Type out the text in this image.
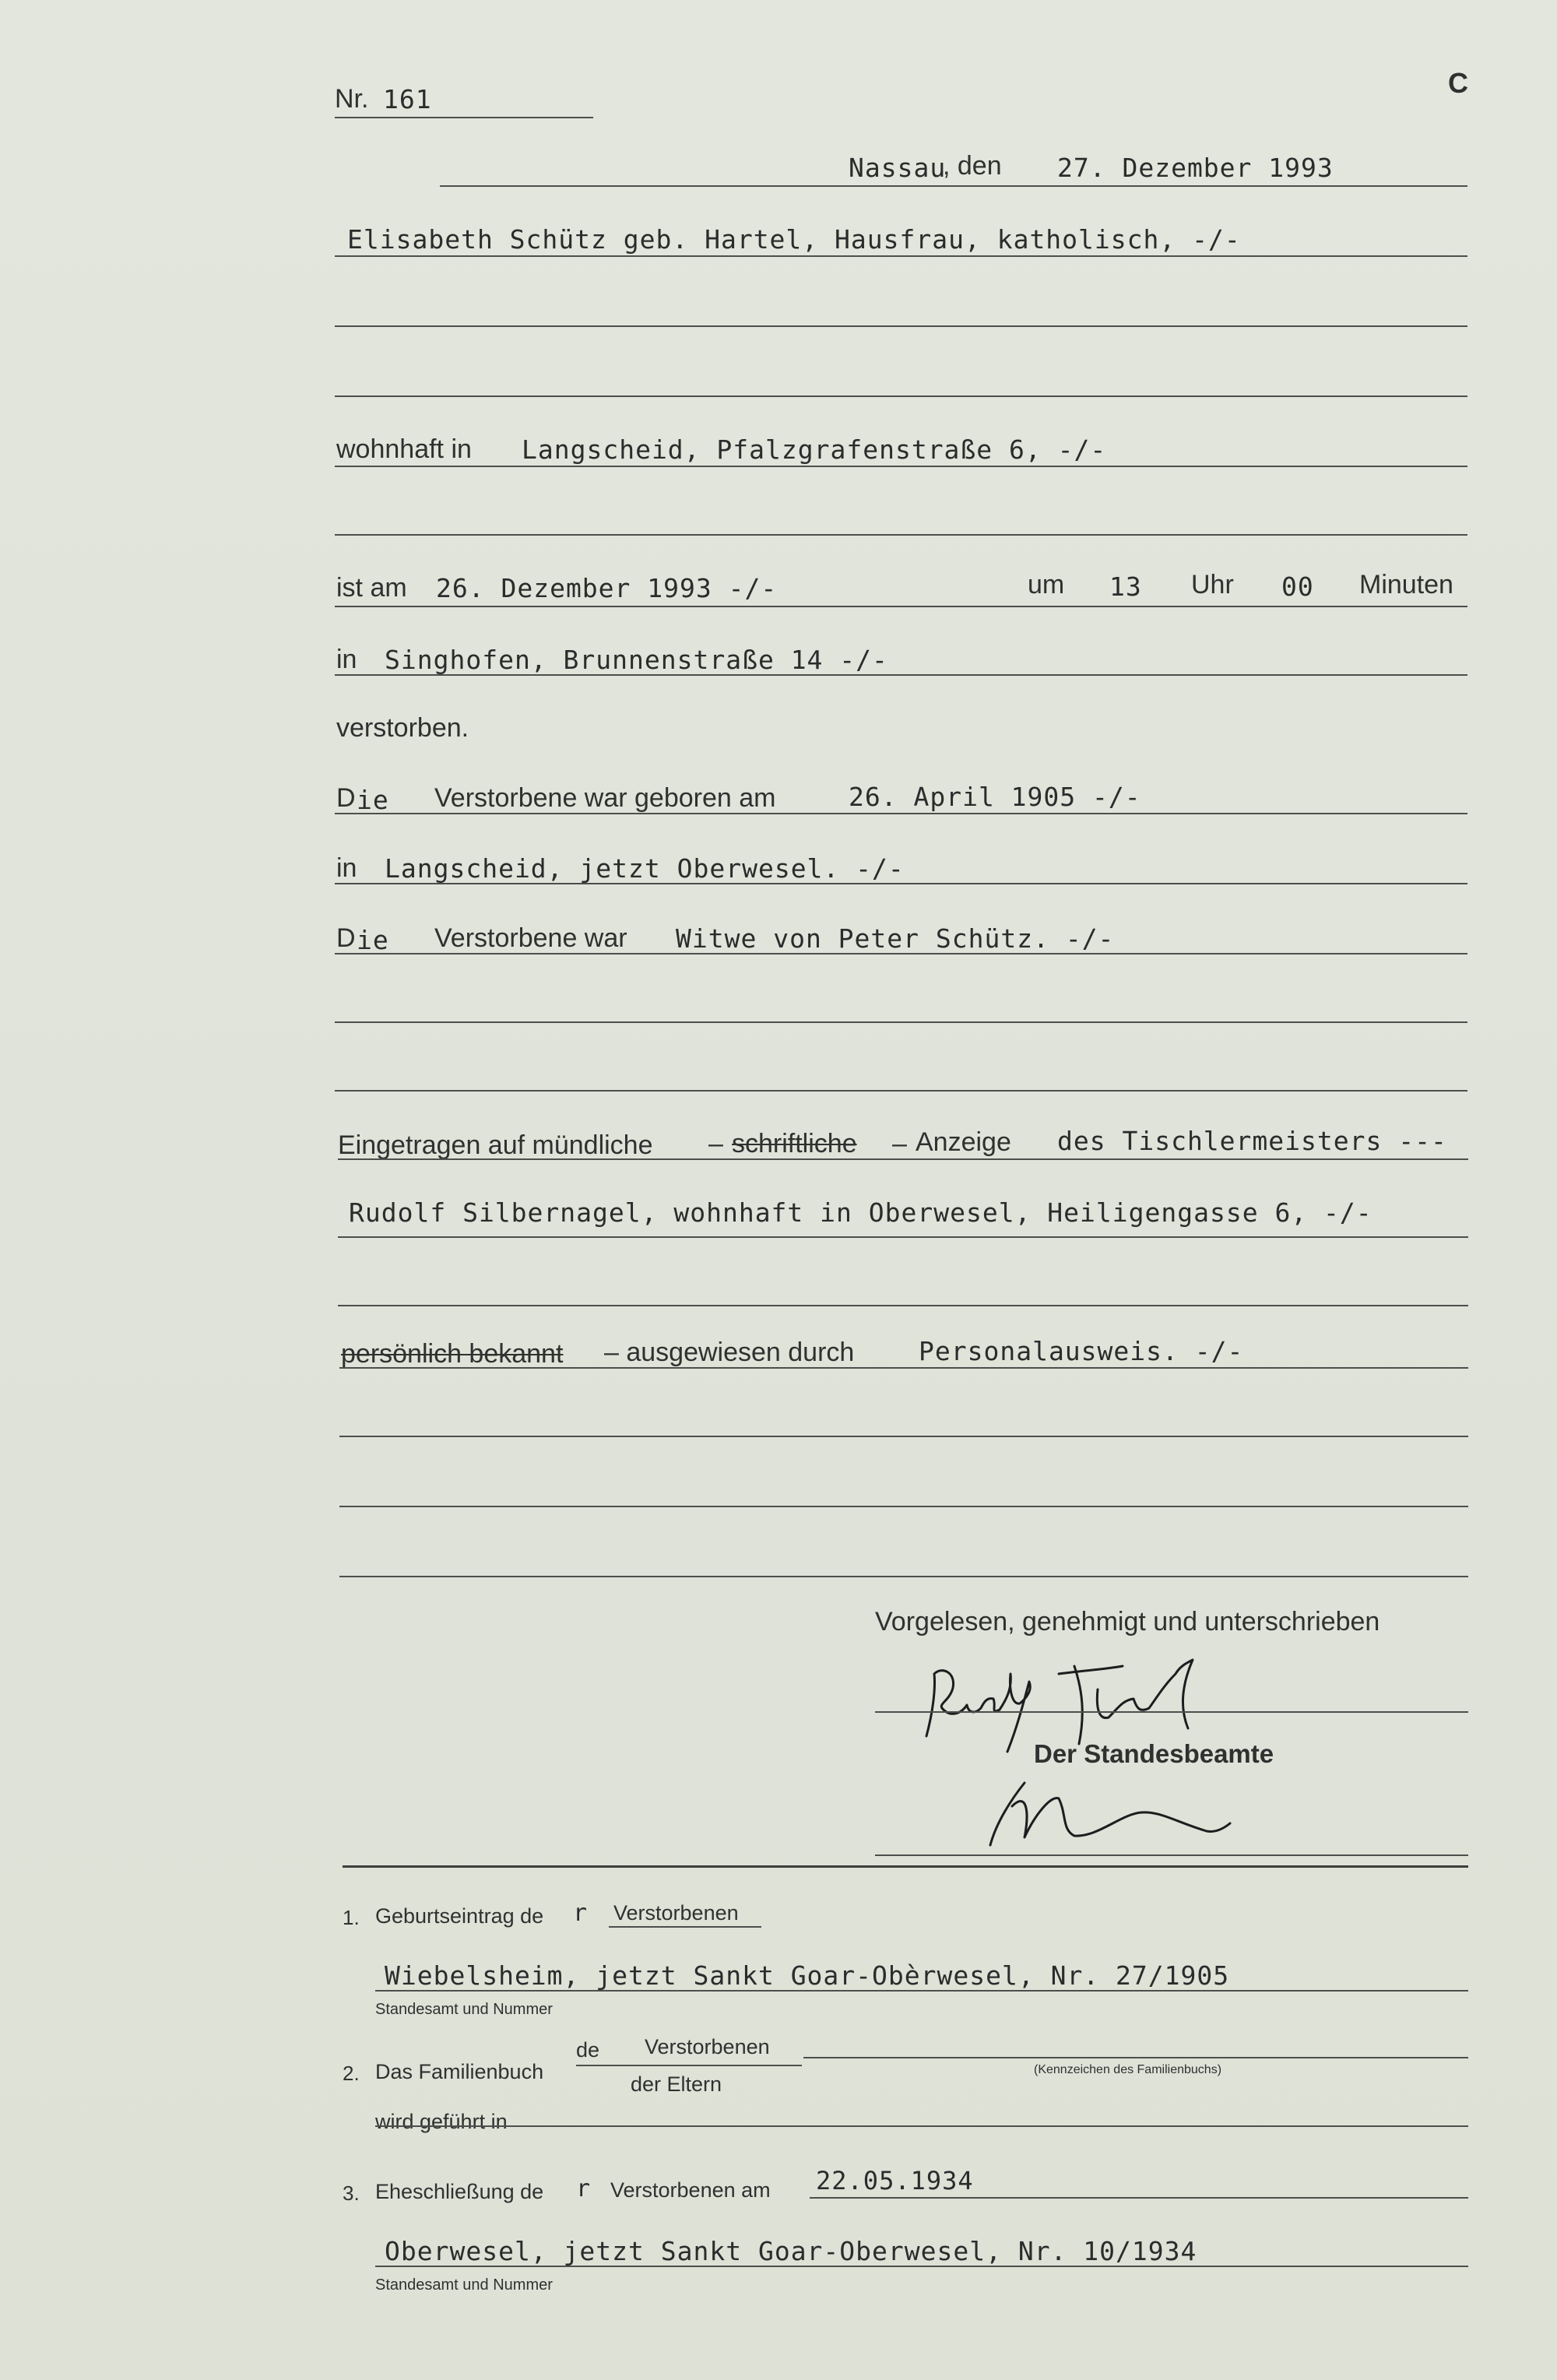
C
Nr. 161
Nassau
, den 27. Dezember 1993
Elisabeth Schütz geb. Hartel, Hausfrau, katholisch, -/-
wohnhaft in Langscheid, Pfalzgrafenstraße 6, -/-
ist am 26. Dezember 1993 -/-	um 13 Uhr 00 Minuten
in Singhofen, Brunnenstraße 14 -/-
verstorben.
D ie Verstorbene war geboren am	26. April 1905 -/-
in Langscheid, jetzt Oberwesel. -/-
D ie Verstorbene war Witwe von Peter Schütz. -/-
Eingetragen auf mündliche – schriftliche – Anzeige des Tischlermeisters ---
Rudolf Silbernagel, wohnhaft in Oberwesel, Heiligengasse 6, -/-
persönlich bekannt – ausgewiesen durch	Personalausweis. -/-
Vorgelesen, genehmigt und unterschrieben
Der Standesbeamte
1. Geburtseintrag de r Verstorbenen
Wiebelsheim, jetzt Sankt Goar-Obèrwesel, Nr. 27/1905
Standesamt und Nummer
2. Das Familienbuch
de Verstorbenen
der Eltern
(Kennzeichen des Familienbuchs)
wird geführt in
3. Eheschließung de r Verstorbenen am 22.05.1934
Oberwesel, jetzt Sankt Goar-Oberwesel, Nr. 10/1934
Standesamt und Nummer
